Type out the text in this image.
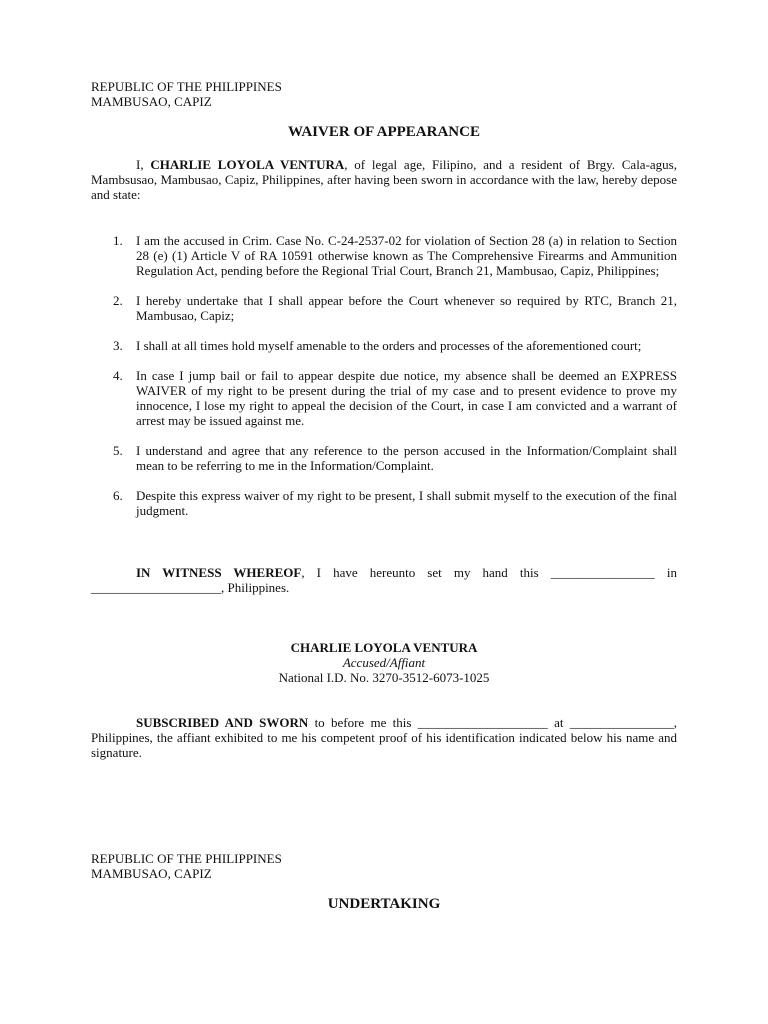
REPUBLIC OF THE PHILIPPINES
MAMBUSAO, CAPIZ
WAIVER OF APPEARANCE
I, CHARLIE LOYOLA VENTURA, of legal age, Filipino, and a resident of Brgy. Cala-agus, Mambsusao, Mambusao, Capiz, Philippines, after having been sworn in accordance with the law, hereby depose and state:
1. I am the accused in Crim. Case No. C-24-2537-02 for violation of Section 28 (a) in relation to Section 28 (e) (1) Article V of RA 10591 otherwise known as The Comprehensive Firearms and Ammunition Regulation Act, pending before the Regional Trial Court, Branch 21, Mambusao, Capiz, Philippines;
2. I hereby undertake that I shall appear before the Court whenever so required by RTC, Branch 21, Mambusao, Capiz;
3. I shall at all times hold myself amenable to the orders and processes of the aforementioned court;
4. In case I jump bail or fail to appear despite due notice, my absence shall be deemed an EXPRESS WAIVER of my right to be present during the trial of my case and to present evidence to prove my innocence, I lose my right to appeal the decision of the Court, in case I am convicted and a warrant of arrest may be issued against me.
5. I understand and agree that any reference to the person accused in the Information/Complaint shall mean to be referring to me in the Information/Complaint.
6. Despite this express waiver of my right to be present, I shall submit myself to the execution of the final judgment.
IN WITNESS WHEREOF, I have hereunto set my hand this ________________ in
____________________, Philippines.
CHARLIE LOYOLA VENTURA
Accused/Affiant
National I.D. No. 3270-3512-6073-1025
SUBSCRIBED AND SWORN to before me this ____________________ at ________________, Philippines, the affiant exhibited to me his competent proof of his identification indicated below his name and signature.
REPUBLIC OF THE PHILIPPINES
MAMBUSAO, CAPIZ
UNDERTAKING
